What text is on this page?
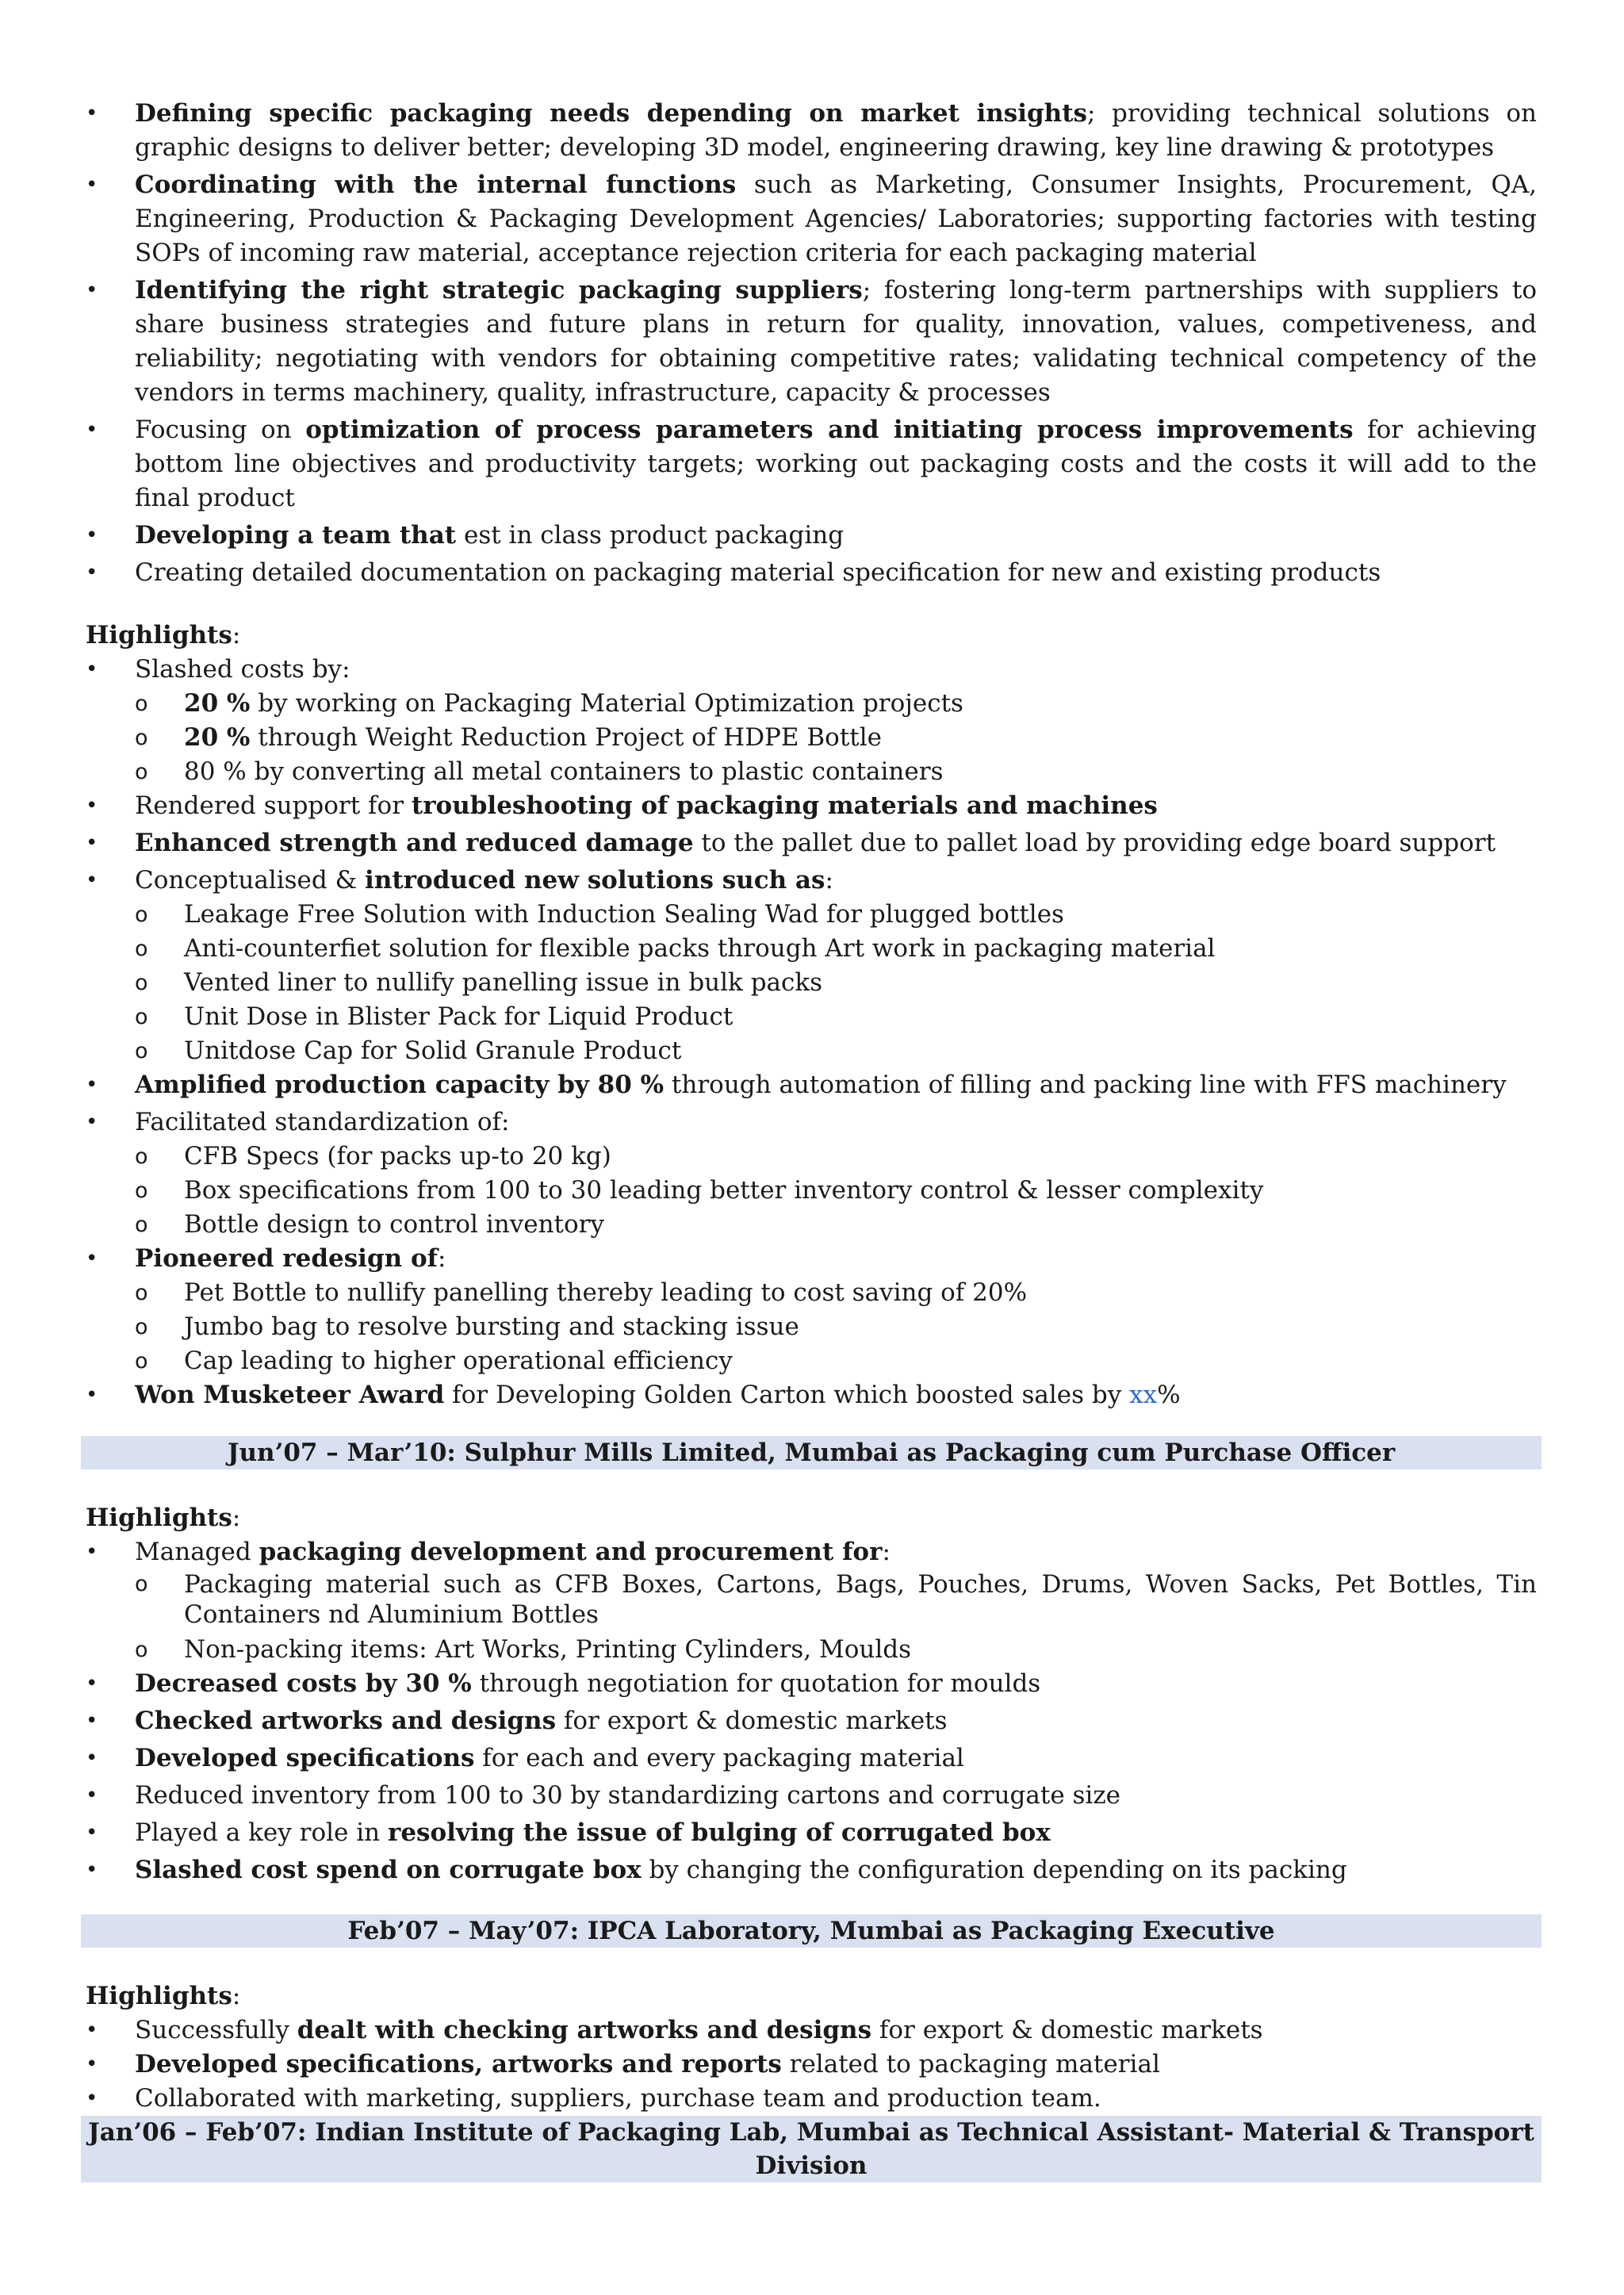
• Defining specific packaging needs depending on market insights; providing technical solutions on graphic designs to deliver better; developing 3D model, engineering drawing, key line drawing & prototypes
• Coordinating with the internal functions such as Marketing, Consumer Insights, Procurement, QA, Engineering, Production & Packaging Development Agencies/ Laboratories; supporting factories with testing SOPs of incoming raw material, acceptance rejection criteria for each packaging material
• Identifying the right strategic packaging suppliers; fostering long-term partnerships with suppliers to share business strategies and future plans in return for quality, innovation, values, competiveness, and reliability; negotiating with vendors for obtaining competitive rates; validating technical competency of the vendors in terms machinery, quality, infrastructure, capacity & processes
• Focusing on optimization of process parameters and initiating process improvements for achieving bottom line objectives and productivity targets; working out packaging costs and the costs it will add to the final product
• Developing a team that est in class product packaging
• Creating detailed documentation on packaging material specification for new and existing products
Highlights:
• Slashed costs by:
o 20 % by working on Packaging Material Optimization projects
o 20 % through Weight Reduction Project of HDPE Bottle
o 80 % by converting all metal containers to plastic containers
• Rendered support for troubleshooting of packaging materials and machines
• Enhanced strength and reduced damage to the pallet due to pallet load by providing edge board support
• Conceptualised & introduced new solutions such as:
o Leakage Free Solution with Induction Sealing Wad for plugged bottles
o Anti-counterfiet solution for flexible packs through Art work in packaging material
o Vented liner to nullify panelling issue in bulk packs
o Unit Dose in Blister Pack for Liquid Product
o Unitdose Cap for Solid Granule Product
• Amplified production capacity by 80 % through automation of filling and packing line with FFS machinery
• Facilitated standardization of:
o CFB Specs (for packs up-to 20 kg)
o Box specifications from 100 to 30 leading better inventory control & lesser complexity
o Bottle design to control inventory
• Pioneered redesign of:
o Pet Bottle to nullify panelling thereby leading to cost saving of 20%
o Jumbo bag to resolve bursting and stacking issue
o Cap leading to higher operational efficiency
• Won Musketeer Award for Developing Golden Carton which boosted sales by xx%
Jun’07 – Mar’10: Sulphur Mills Limited, Mumbai as Packaging cum Purchase Officer
Highlights:
• Managed packaging development and procurement for:
o Packaging material such as CFB Boxes, Cartons, Bags, Pouches, Drums, Woven Sacks, Pet Bottles, Tin Containers nd Aluminium Bottles
o Non-packing items: Art Works, Printing Cylinders, Moulds
• Decreased costs by 30 % through negotiation for quotation for moulds
• Checked artworks and designs for export & domestic markets
• Developed specifications for each and every packaging material
• Reduced inventory from 100 to 30 by standardizing cartons and corrugate size
• Played a key role in resolving the issue of bulging of corrugated box
• Slashed cost spend on corrugate box by changing the configuration depending on its packing
Feb’07 – May’07: IPCA Laboratory, Mumbai as Packaging Executive
Highlights:
• Successfully dealt with checking artworks and designs for export & domestic markets
• Developed specifications, artworks and reports related to packaging material
• Collaborated with marketing, suppliers, purchase team and production team.
Jan’06 – Feb’07: Indian Institute of Packaging Lab, Mumbai as Technical Assistant- Material & Transport Division
